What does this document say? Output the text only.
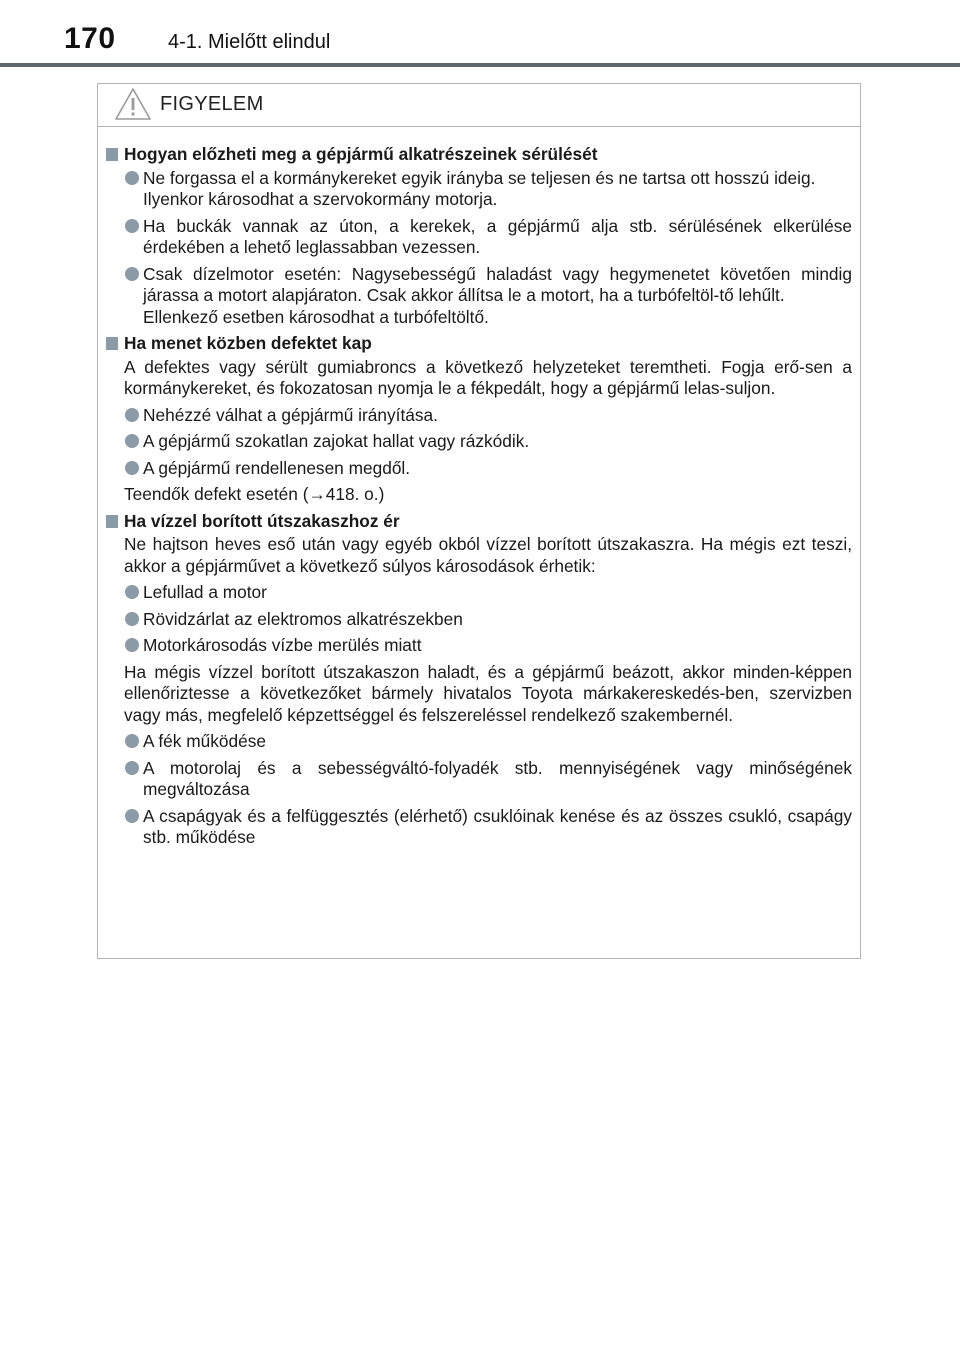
170	4-1. Mielőtt elindul
FIGYELEM
Hogyan előzheti meg a gépjármű alkatrészeinek sérülését
Ne forgassa el a kormánykereket egyik irányba se teljesen és ne tartsa ott hosszú ideig.
Ilyenkor károsodhat a szervokormány motorja.
Ha buckák vannak az úton, a kerekek, a gépjármű alja stb. sérülésének elkerülése érdekében a lehető leglassabban vezessen.
Csak dízelmotor esetén: Nagysebességű haladást vagy hegymenetet követően mindig járassa a motort alapjáraton. Csak akkor állítsa le a motort, ha a turbófeltöl-tő lehűlt.
Ellenkező esetben károsodhat a turbófeltöltő.
Ha menet közben defektet kap
A defektes vagy sérült gumiabroncs a következő helyzeteket teremtheti. Fogja erő-sen a kormánykereket, és fokozatosan nyomja le a fékpedált, hogy a gépjármű lelas-suljon.
Nehézzé válhat a gépjármű irányítása.
A gépjármű szokatlan zajokat hallat vagy rázkódik.
A gépjármű rendellenesen megdől.
Teendők defekt esetén (→418. o.)
Ha vízzel borított útszakaszhoz ér
Ne hajtson heves eső után vagy egyéb okból vízzel borított útszakaszra. Ha mégis ezt teszi, akkor a gépjárművet a következő súlyos károsodások érhetik:
Lefullad a motor
Rövidzárlat az elektromos alkatrészekben
Motorkárosodás vízbe merülés miatt
Ha mégis vízzel borított útszakaszon haladt, és a gépjármű beázott, akkor minden-képpen ellenőriztesse a következőket bármely hivatalos Toyota márkakereskedés-ben, szervizben vagy más, megfelelő képzettséggel és felszereléssel rendelkező szakembernél.
A fék működése
A motorolaj és a sebességváltó-folyadék stb. mennyiségének vagy minőségének megváltozása
A csapágyak és a felfüggesztés (elérhető) csuklóinak kenése és az összes csukló, csapágy stb. működése
